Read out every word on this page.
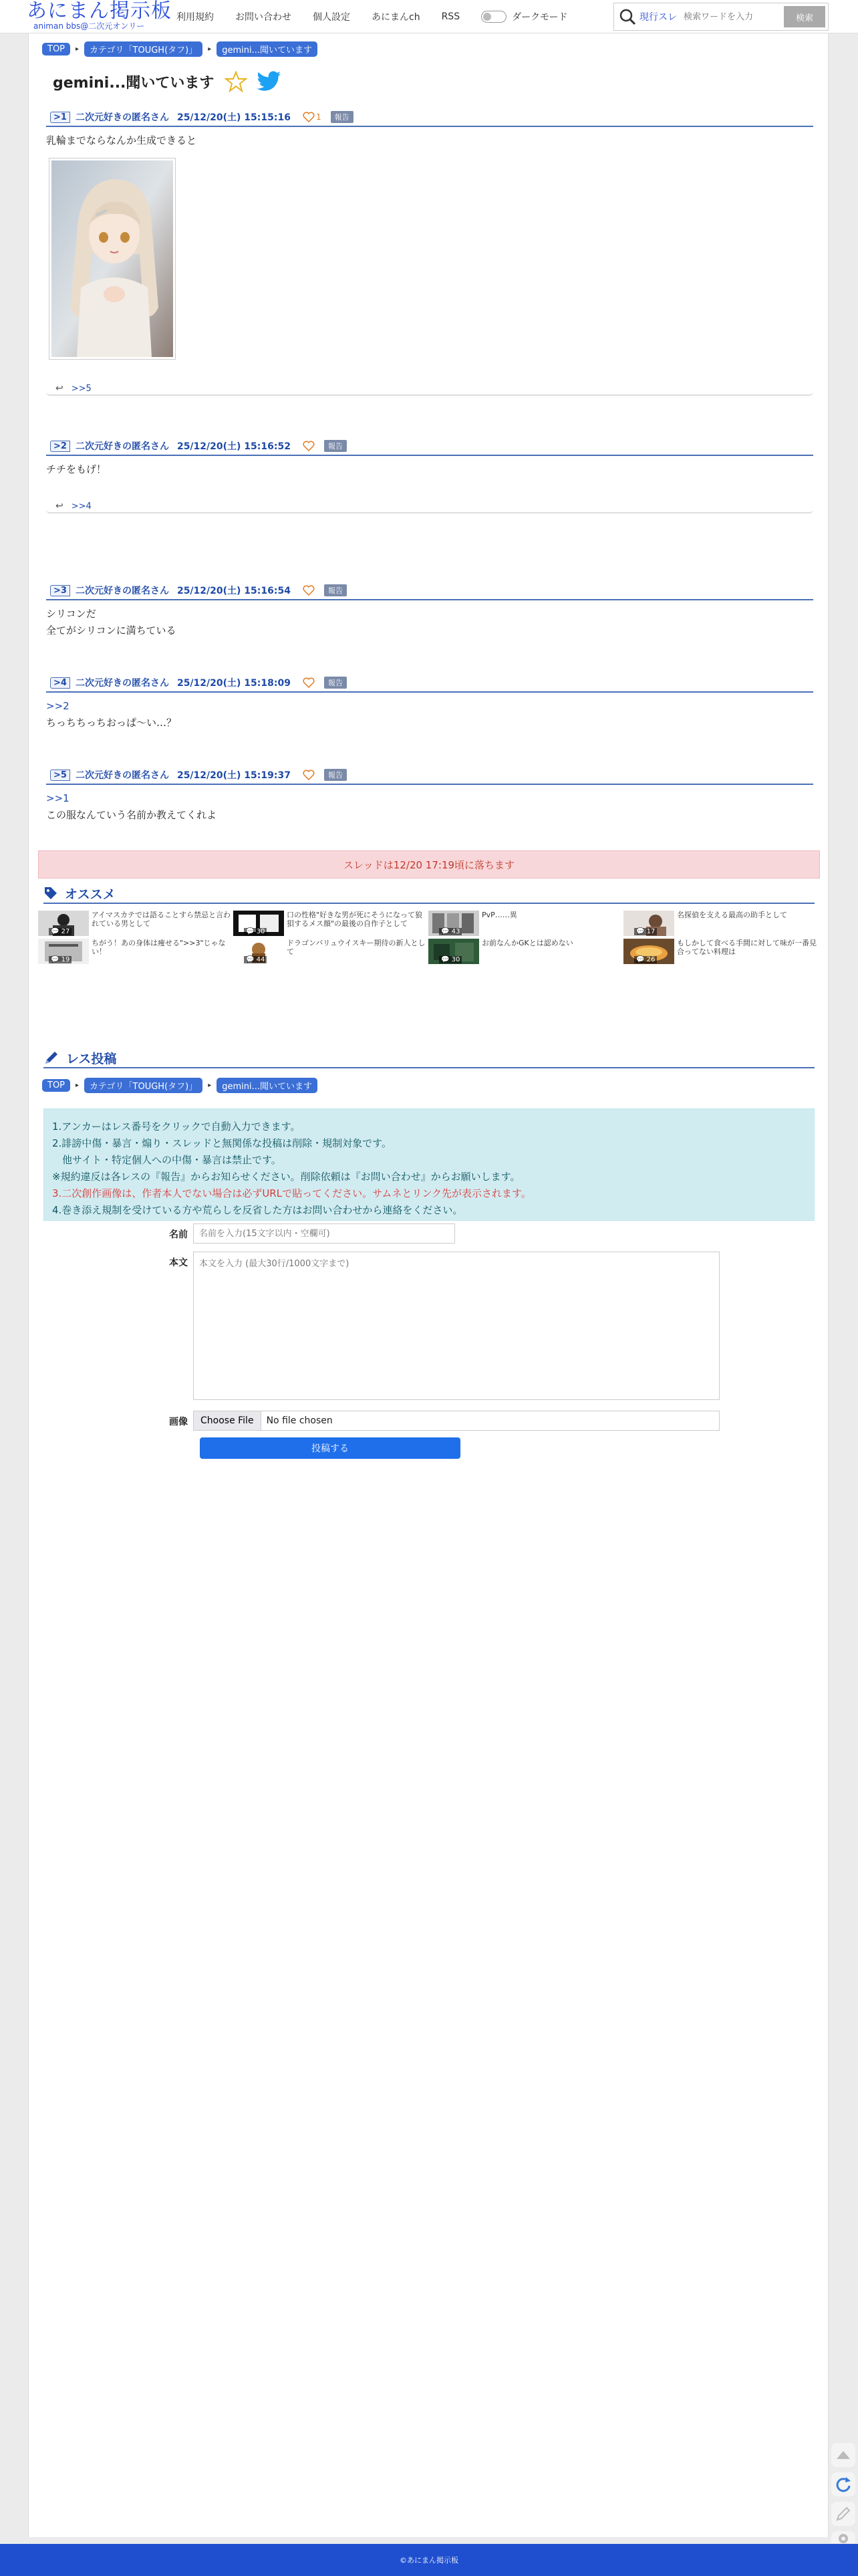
あにまん掲示板
animan bbs@二次元オンリー
利用規約 お問い合わせ 個人設定 あにまんch RSS	ダークモード	現行スレ
検索ワードを入力	検索
TOP	▸	カテゴリ「TOUGH(タフ)」	▸	gemini...聞いています
gemini...聞いています
>1 二次元好きの匿名さん 25/12/20(土) 15:15:16	1	報告
乳輪までならなんか生成できると
↩ >>5
>2 二次元好きの匿名さん 25/12/20(土) 15:16:52	報告
チチをもげ！
↩ >>4
>3 二次元好きの匿名さん 25/12/20(土) 15:16:54	報告
シリコンだ
全てがシリコンに満ちている
>4 二次元好きの匿名さん 25/12/20(土) 15:18:09	報告
>>2
ちっちちっちおっぱ〜い…？
>5 二次元好きの匿名さん 25/12/20(土) 15:19:37	報告
>>1
この服なんていう名前か教えてくれよ
スレッドは12/20 17:19頃に落ちます
オススメ
💬 27
アイマスカテでは語ることすら禁忌と言われている男として
💬 30
口の性格"好きな男が死にそうになって狼狽するメス顔"の最後の自作子として
💬 43
PvP……異
💬 17
名探偵を支える最高の助手として
💬 19
ちがう！あの身体は痩せる">>3"じゃない！
💬 44
ドラゴンバリュウイスキー期待の新人として
💬 30
お前なんかGKとは認めない
💬 26
もしかして食べる手間に対して味が一番見合ってない料理は
レス投稿
TOP	▸	カテゴリ「TOUGH(タフ)」	▸	gemini...聞いています
1.アンカーはレス番号をクリックで自動入力できます。
2.誹謗中傷・暴言・煽り・スレッドと無関係な投稿は削除・規制対象です。
　他サイト・特定個人への中傷・暴言は禁止です。
※規約違反は各レスの『報告』からお知らせください。削除依頼は『お問い合わせ』からお願いします。
3.二次創作画像は、作者本人でない場合は必ずURLで貼ってください。サムネとリンク先が表示されます。
4.巻き添え規制を受けている方や荒らしを反省した方はお問い合わせから連絡をください。
名前
名前を入力(15文字以内・空欄可)
本文
本文を入力 (最大30行/1000文字まで)
画像	Choose File	No file chosen
投稿する
©あにまん掲示板
